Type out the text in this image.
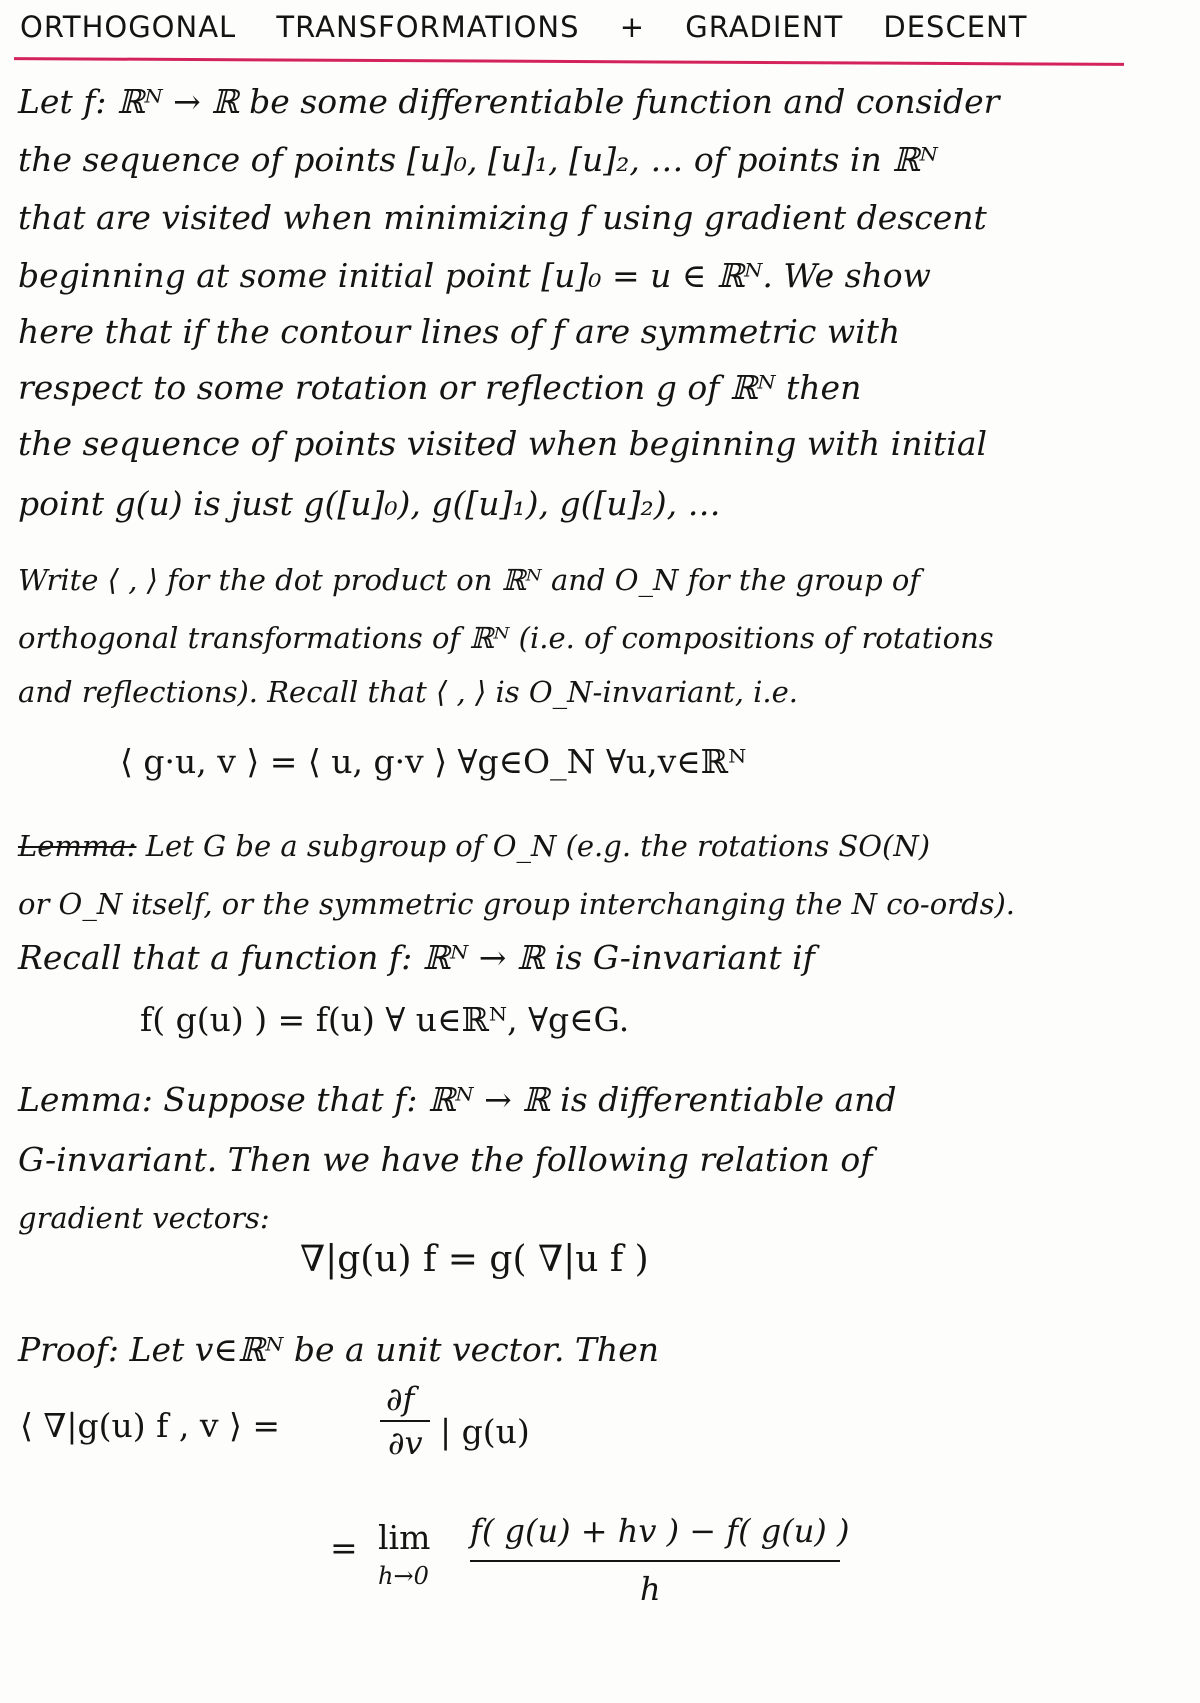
ORTHOGONAL TRANSFORMATIONS + GRADIENT DESCENT
Let f: ℝᴺ → ℝ be some differentiable function and consider
the sequence of points [u]₀, [u]₁, [u]₂, … of points in ℝᴺ
that are visited when minimizing f using gradient descent
beginning at some initial point [u]₀ = u ∈ ℝᴺ. We show
here that if the contour lines of f are symmetric with
respect to some rotation or reflection g of ℝᴺ then
the sequence of points visited when beginning with initial
point g(u) is just g([u]₀), g([u]₁), g([u]₂), …
Write ⟨ , ⟩ for the dot product on ℝᴺ and O_N for the group of
orthogonal transformations of ℝᴺ (i.e. of compositions of rotations
and reflections). Recall that ⟨ , ⟩ is O_N-invariant, i.e.
⟨ g·u, v ⟩ = ⟨ u, g·v ⟩ ∀g∈O_N ∀u,v∈ℝᴺ
Lemma: Let G be a subgroup of O_N (e.g. the rotations SO(N)
or O_N itself, or the symmetric group interchanging the N co-ords).
Recall that a function f: ℝᴺ → ℝ is G-invariant if
f( g(u) ) = f(u) ∀ u∈ℝᴺ, ∀g∈G.
Lemma: Suppose that f: ℝᴺ → ℝ is differentiable and
G-invariant. Then we have the following relation of
gradient vectors:
∇|g(u) f = g( ∇|u f )
Proof: Let v∈ℝᴺ be a unit vector. Then
⟨ ∇|g(u) f , v ⟩ =
∂f
∂v | g(u)
= lim
h→0
f( g(u) + hv ) − f( g(u) )
h
